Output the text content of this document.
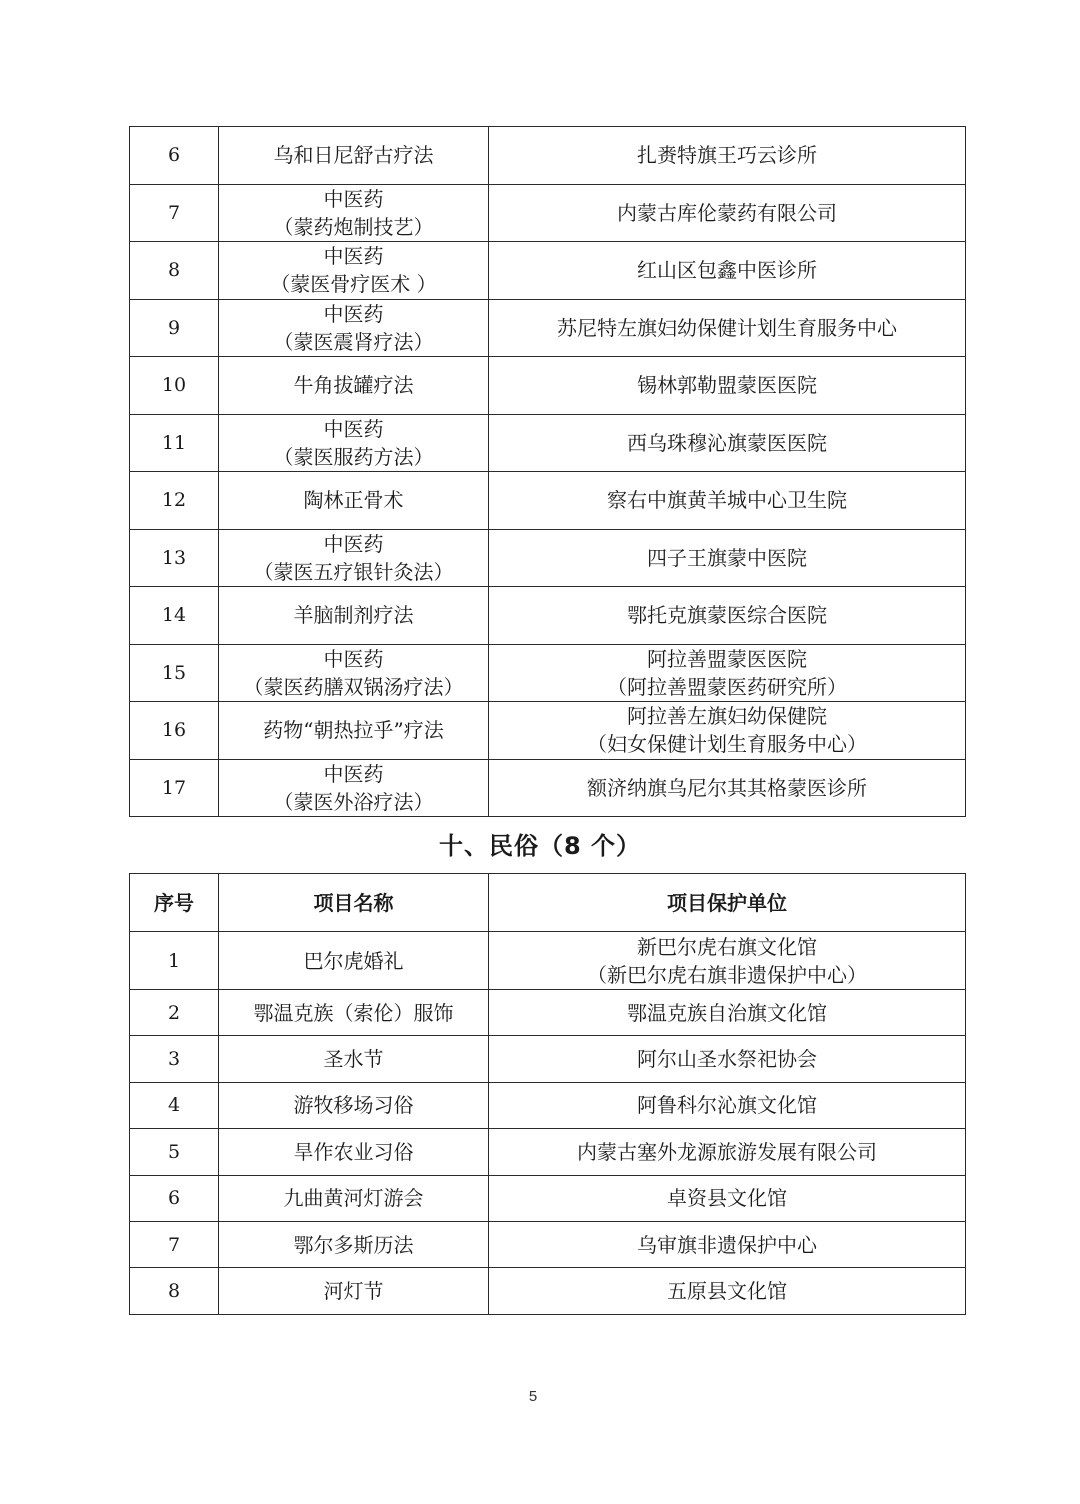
6	乌和日尼舒古疗法	扎赉特旗王巧云诊所

7	中医药
（蒙药炮制技艺）	内蒙古库伦蒙药有限公司

8	中医药
（蒙医骨疗医术 ）	红山区包鑫中医诊所

9	中医药
（蒙医震肾疗法）	苏尼特左旗妇幼保健计划生育服务中心

10	牛角拔罐疗法	锡林郭勒盟蒙医医院

11	中医药
（蒙医服药方法）	西乌珠穆沁旗蒙医医院

12	陶林正骨术	察右中旗黄羊城中心卫生院

13	中医药
（蒙医五疗银针灸法）	四子王旗蒙中医院

14	羊脑制剂疗法	鄂托克旗蒙医综合医院

15	中医药
（蒙医药膳双锅汤疗法）	阿拉善盟蒙医医院
（阿拉善盟蒙医药研究所）

16	药物“朝热拉乎”疗法	阿拉善左旗妇幼保健院
（妇女保健计划生育服务中心）

17	中医药
（蒙医外浴疗法）	额济纳旗乌尼尔其其格蒙医诊所
十、民俗（8 个）
序号	项目名称	项目保护单位
1	巴尔虎婚礼	新巴尔虎右旗文化馆
（新巴尔虎右旗非遗保护中心）

2	鄂温克族（索伦）服饰	鄂温克族自治旗文化馆

3	圣水节	阿尔山圣水祭祀协会

4	游牧移场习俗	阿鲁科尔沁旗文化馆

5	旱作农业习俗	内蒙古塞外龙源旅游发展有限公司

6	九曲黄河灯游会	卓资县文化馆

7	鄂尔多斯历法	乌审旗非遗保护中心

8	河灯节	五原县文化馆
5
